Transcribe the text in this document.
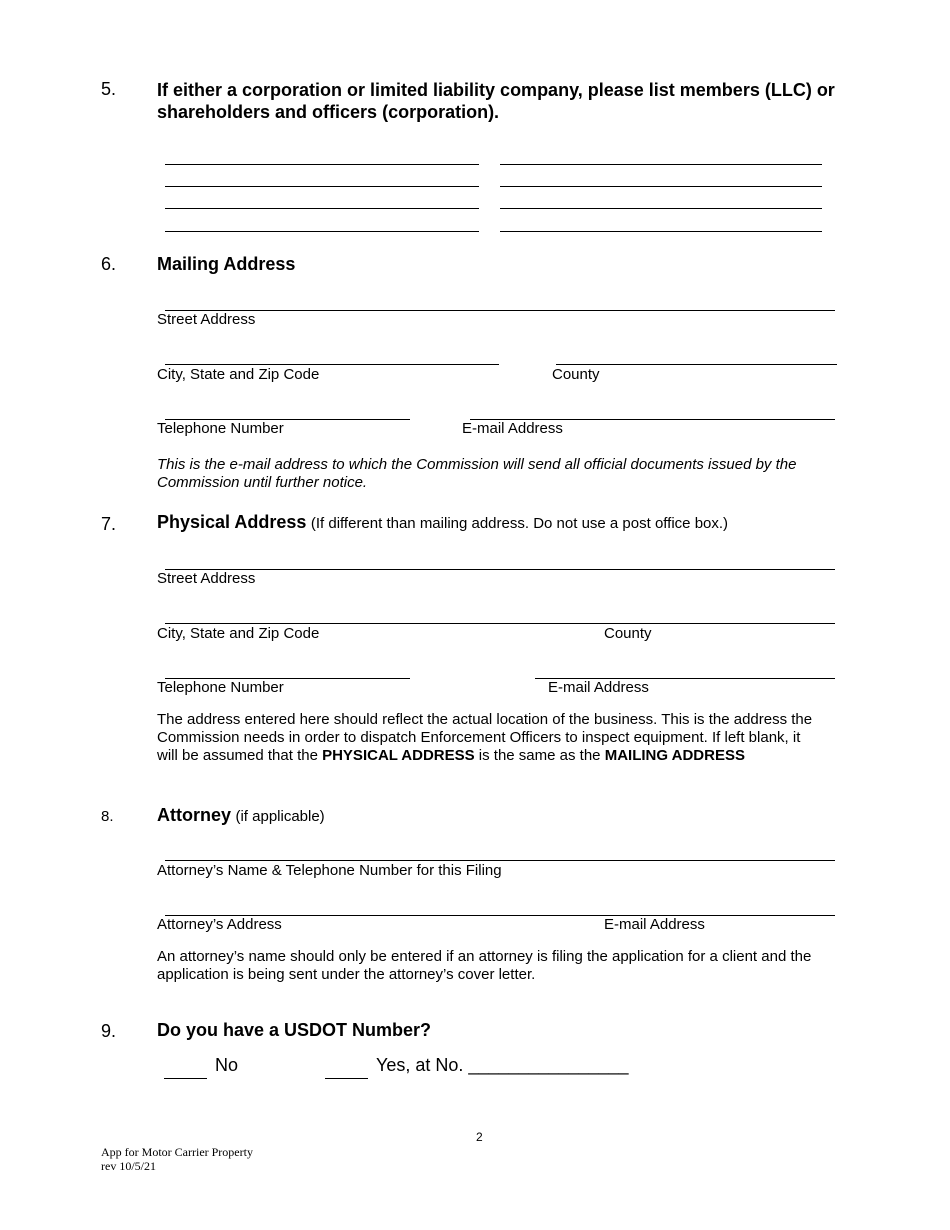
5. If either a corporation or limited liability company, please list members (LLC) or shareholders and officers (corporation).
6. Mailing Address
Street Address
City, State and Zip Code	County
Telephone Number	E-mail Address
This is the e-mail address to which the Commission will send all official documents issued by the Commission until further notice.
7. Physical Address (If different than mailing address. Do not use a post office box.)
Street Address
City, State and Zip Code	County
Telephone Number	E-mail Address
The address entered here should reflect the actual location of the business. This is the address the Commission needs in order to dispatch Enforcement Officers to inspect equipment. If left blank, it will be assumed that the PHYSICAL ADDRESS is the same as the MAILING ADDRESS
8. Attorney (if applicable)
Attorney’s Name & Telephone Number for this Filing
Attorney’s Address	E-mail Address
An attorney’s name should only be entered if an attorney is filing the application for a client and the application is being sent under the attorney’s cover letter.
9. Do you have a USDOT Number?
No	Yes, at No. ________________
2
App for Motor Carrier Property
rev 10/5/21
